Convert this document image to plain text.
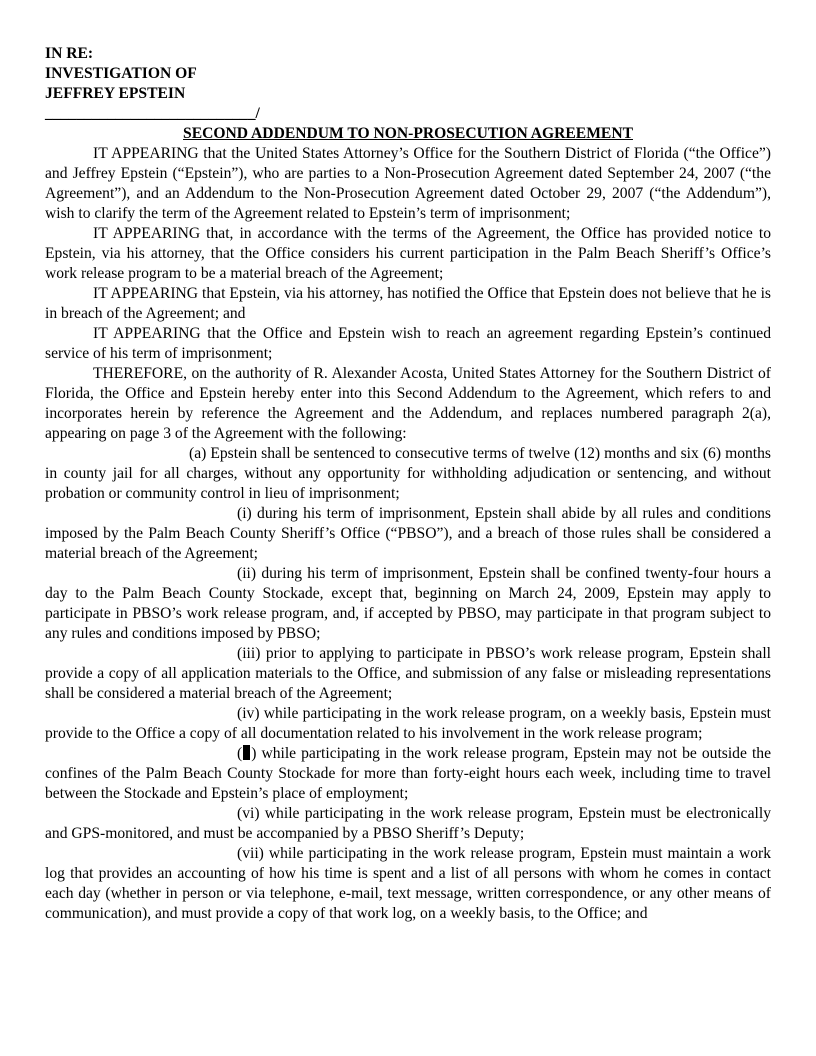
IN RE:
INVESTIGATION OF
JEFFREY EPSTEIN
___________________________/
SECOND ADDENDUM TO NON-PROSECUTION AGREEMENT

IT APPEARING that the United States Attorney’s Office for the Southern District of Florida (“the Office”) and Jeffrey Epstein (“Epstein”), who are parties to a Non-Prosecution Agreement dated September 24, 2007 (“the Agreement”), and an Addendum to the Non-Prosecution Agreement dated October 29, 2007 (“the Addendum”), wish to clarify the term of the Agreement related to Epstein’s term of imprisonment;

IT APPEARING that, in accordance with the terms of the Agreement, the Office has provided notice to Epstein, via his attorney, that the Office considers his current participation in the Palm Beach Sheriff’s Office’s work release program to be a material breach of the Agreement;

IT APPEARING that Epstein, via his attorney, has notified the Office that Epstein does not believe that he is in breach of the Agreement; and

IT APPEARING that the Office and Epstein wish to reach an agreement regarding Epstein’s continued service of his term of imprisonment;

THEREFORE, on the authority of R. Alexander Acosta, United States Attorney for the Southern District of Florida, the Office and Epstein hereby enter into this Second Addendum to the Agreement, which refers to and incorporates herein by reference the Agreement and the Addendum, and replaces numbered paragraph 2(a), appearing on page 3 of the Agreement with the following:

(a) Epstein shall be sentenced to consecutive terms of twelve (12) months and six (6) months in county jail for all charges, without any opportunity for withholding adjudication or sentencing, and without probation or community control in lieu of imprisonment;

(i) during his term of imprisonment, Epstein shall abide by all rules and conditions imposed by the Palm Beach County Sheriff’s Office (“PBSO”), and a breach of those rules shall be considered a material breach of the Agreement;

(ii) during his term of imprisonment, Epstein shall be confined twenty-four hours a day to the Palm Beach County Stockade, except that, beginning on March 24, 2009, Epstein may apply to participate in PBSO’s work release program, and, if accepted by PBSO, may participate in that program subject to any rules and conditions imposed by PBSO;

(iii) prior to applying to participate in PBSO’s work release program, Epstein shall provide a copy of all application materials to the Office, and submission of any false or misleading representations shall be considered a material breach of the Agreement;

(iv) while participating in the work release program, on a weekly basis, Epstein must provide to the Office a copy of all documentation related to his involvement in the work release program;

( ) while participating in the work release program, Epstein may not be outside the confines of the Palm Beach County Stockade for more than forty-eight hours each week, including time to travel between the Stockade and Epstein’s place of employment;

(vi) while participating in the work release program, Epstein must be electronically and GPS-monitored, and must be accompanied by a PBSO Sheriff’s Deputy;

(vii) while participating in the work release program, Epstein must maintain a work log that provides an accounting of how his time is spent and a list of all persons with whom he comes in contact each day (whether in person or via telephone, e-mail, text message, written correspondence, or any other means of communication), and must provide a copy of that work log, on a weekly basis, to the Office; and
